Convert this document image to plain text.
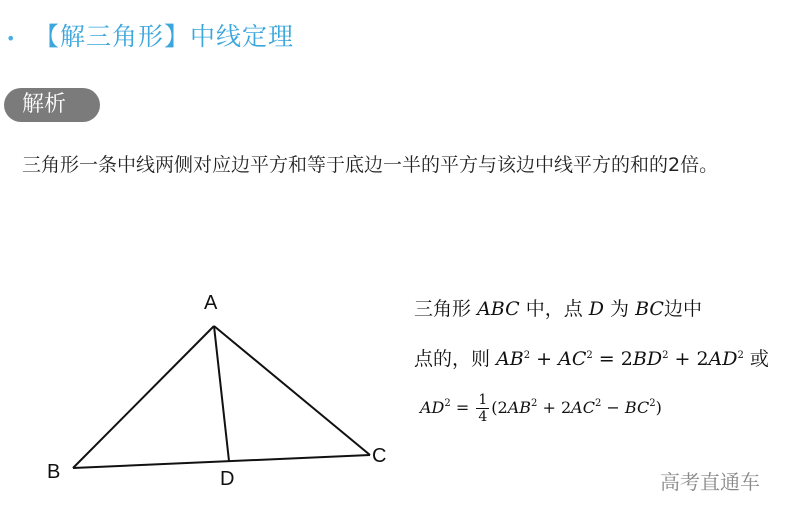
• 【解三角形】中线定理
解析
三角形一条中线两侧对应边平方和等于底边一半的平方与该边中线平方的和的2倍。
A
B
C
D
三角形 ABC 中，点 D 为 BC边中
点的，则 $AB^2 + AC^2 = 2BD^2 + 2AD^2$ 或
$AD^2 = \frac{1}{4} (2AB^2 + 2AC^2 - BC^2)$
高考直通车
